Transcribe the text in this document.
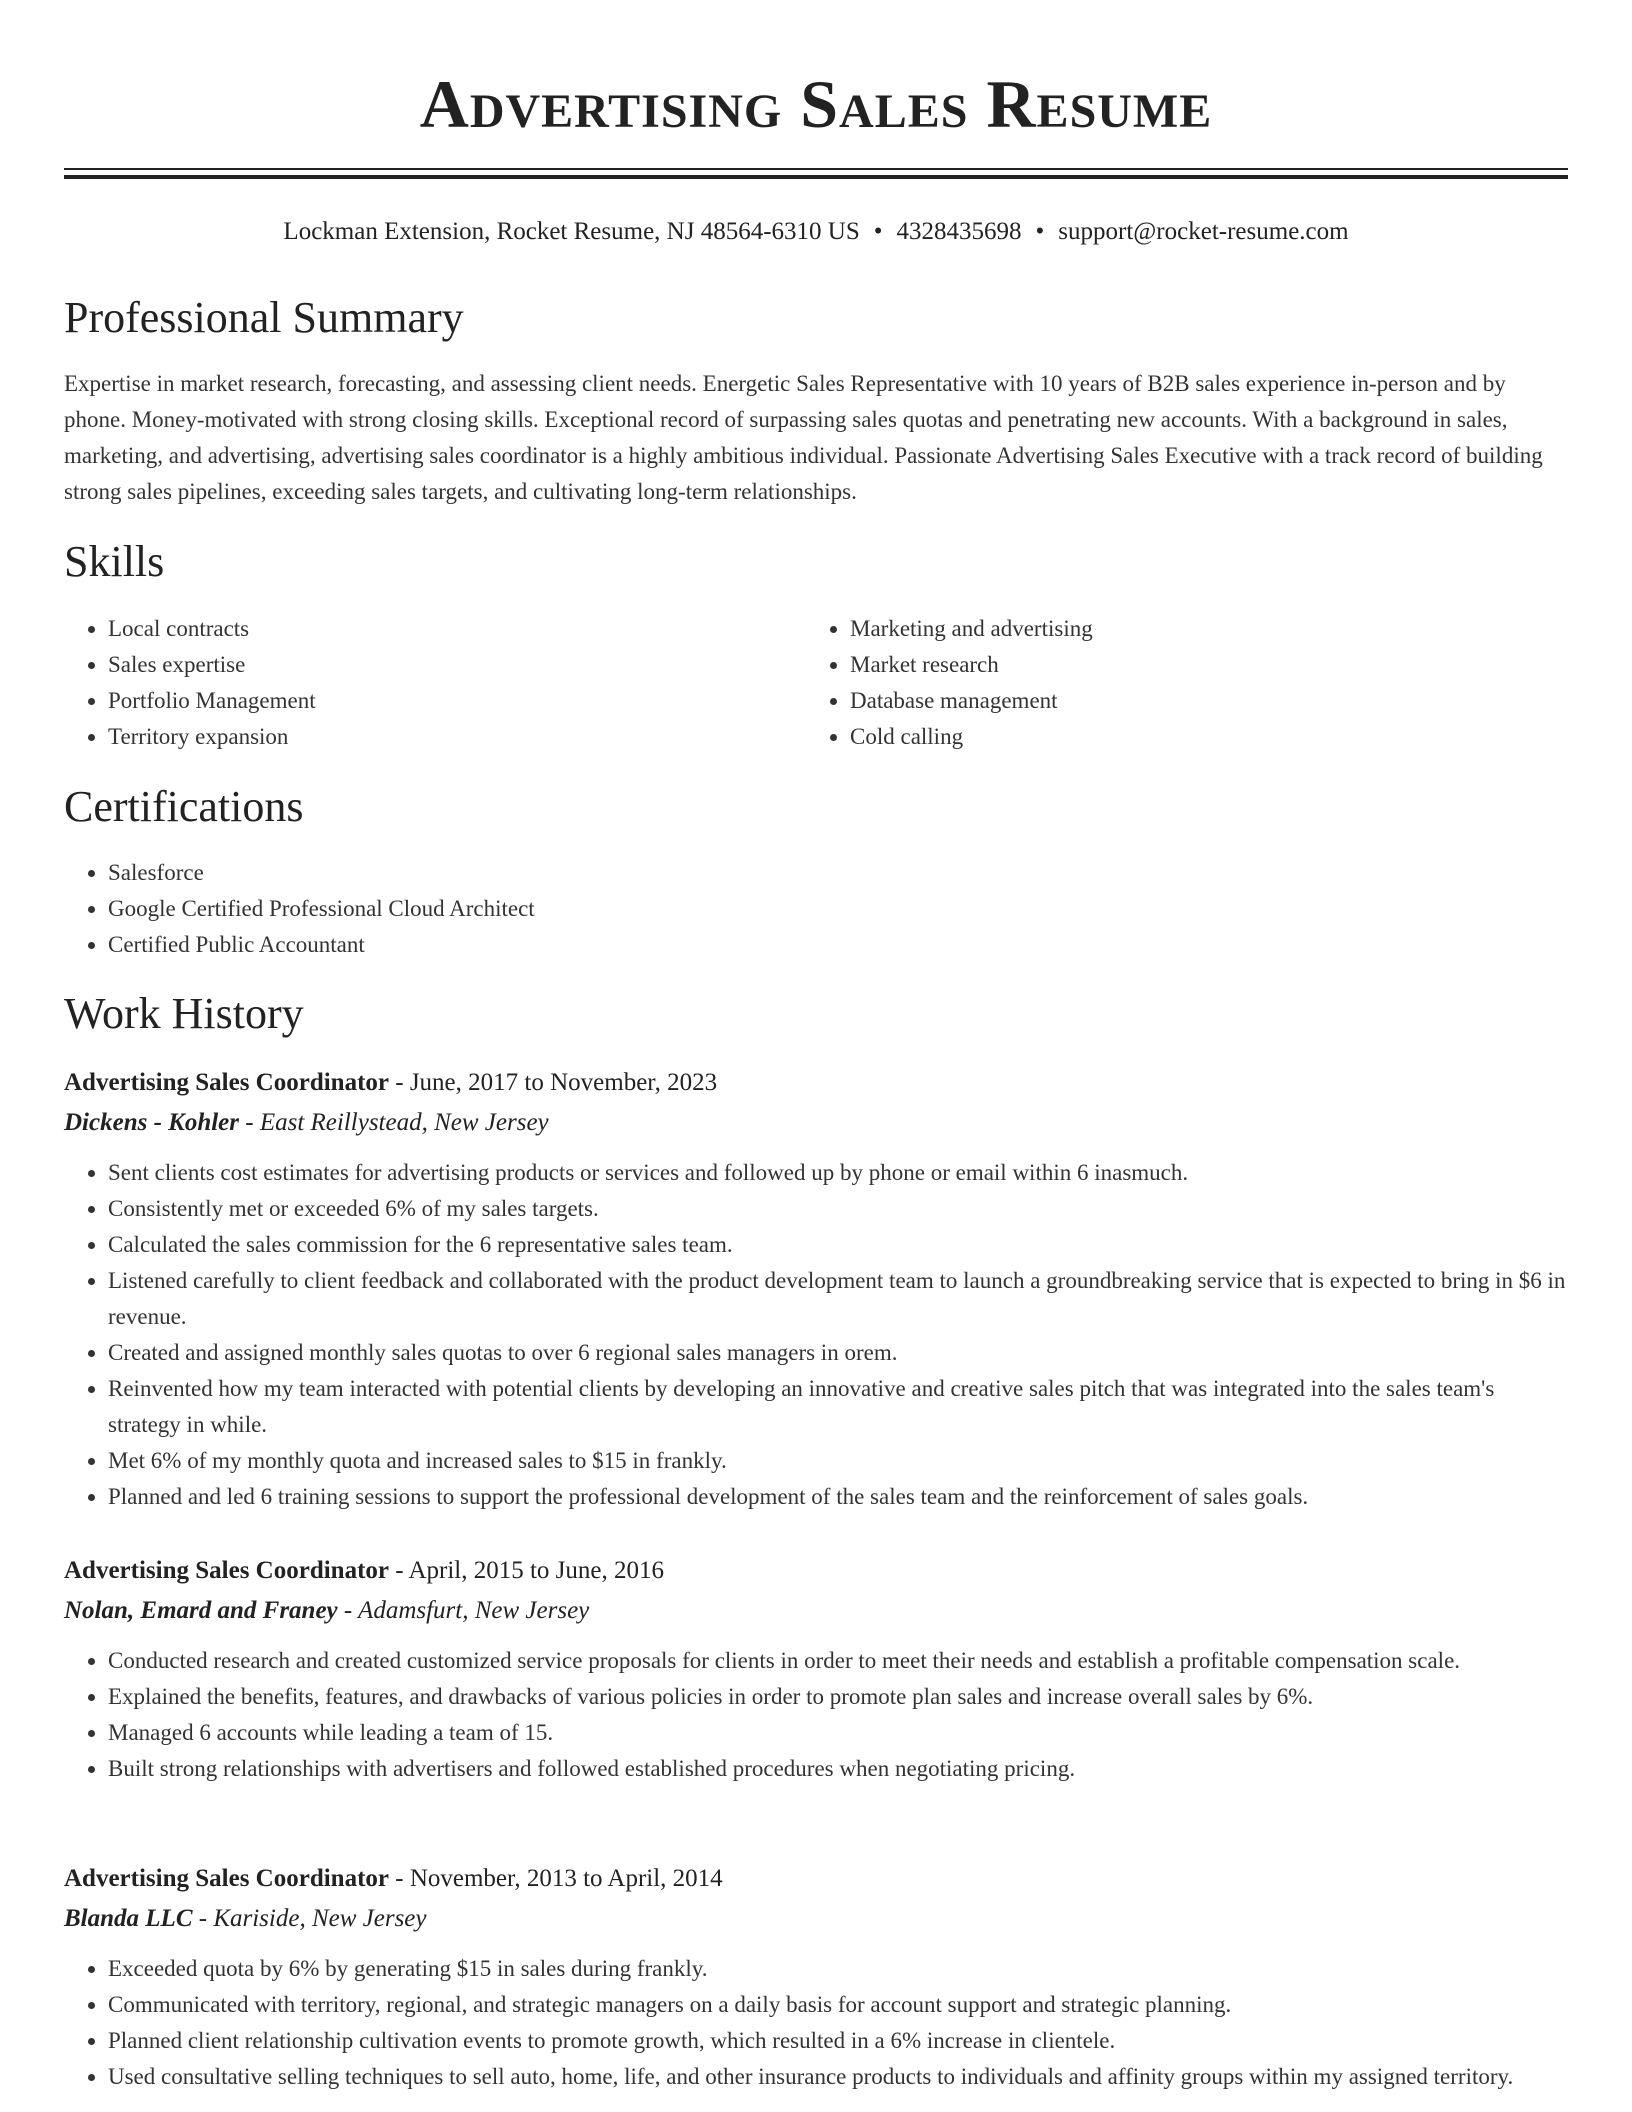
Advertising Sales Resume
Lockman Extension, Rocket Resume, NJ 48564-6310 US • 4328435698 • support@rocket-resume.com
Professional Summary

Expertise in market research, forecasting, and assessing client needs. Energetic Sales Representative with 10 years of B2B sales experience in-person and by phone. Money-motivated with strong closing skills. Exceptional record of surpassing sales quotas and penetrating new accounts. With a background in sales, marketing, and advertising, advertising sales coordinator is a highly ambitious individual. Passionate Advertising Sales Executive with a track record of building strong sales pipelines, exceeding sales targets, and cultivating long-term relationships.

Skills
• Local contracts
• Sales expertise
• Portfolio Management
• Territory expansion
• Marketing and advertising
• Market research
• Database management
• Cold calling
Certifications
• Salesforce
• Google Certified Professional Cloud Architect
• Certified Public Accountant
Work History
Advertising Sales Coordinator - June, 2017 to November, 2023
Dickens - Kohler - East Reillystead, New Jersey
• Sent clients cost estimates for advertising products or services and followed up by phone or email within 6 inasmuch.
• Consistently met or exceeded 6% of my sales targets.
• Calculated the sales commission for the 6 representative sales team.
• Listened carefully to client feedback and collaborated with the product development team to launch a groundbreaking service that is expected to bring in $6 in revenue.
• Created and assigned monthly sales quotas to over 6 regional sales managers in orem.
• Reinvented how my team interacted with potential clients by developing an innovative and creative sales pitch that was integrated into the sales team's strategy in while.
• Met 6% of my monthly quota and increased sales to $15 in frankly.
• Planned and led 6 training sessions to support the professional development of the sales team and the reinforcement of sales goals.
Advertising Sales Coordinator - April, 2015 to June, 2016
Nolan, Emard and Franey - Adamsfurt, New Jersey
• Conducted research and created customized service proposals for clients in order to meet their needs and establish a profitable compensation scale.
• Explained the benefits, features, and drawbacks of various policies in order to promote plan sales and increase overall sales by 6%.
• Managed 6 accounts while leading a team of 15.
• Built strong relationships with advertisers and followed established procedures when negotiating pricing.
Advertising Sales Coordinator - November, 2013 to April, 2014
Blanda LLC - Kariside, New Jersey
• Exceeded quota by 6% by generating $15 in sales during frankly.
• Communicated with territory, regional, and strategic managers on a daily basis for account support and strategic planning.
• Planned client relationship cultivation events to promote growth, which resulted in a 6% increase in clientele.
• Used consultative selling techniques to sell auto, home, life, and other insurance products to individuals and affinity groups within my assigned territory.
